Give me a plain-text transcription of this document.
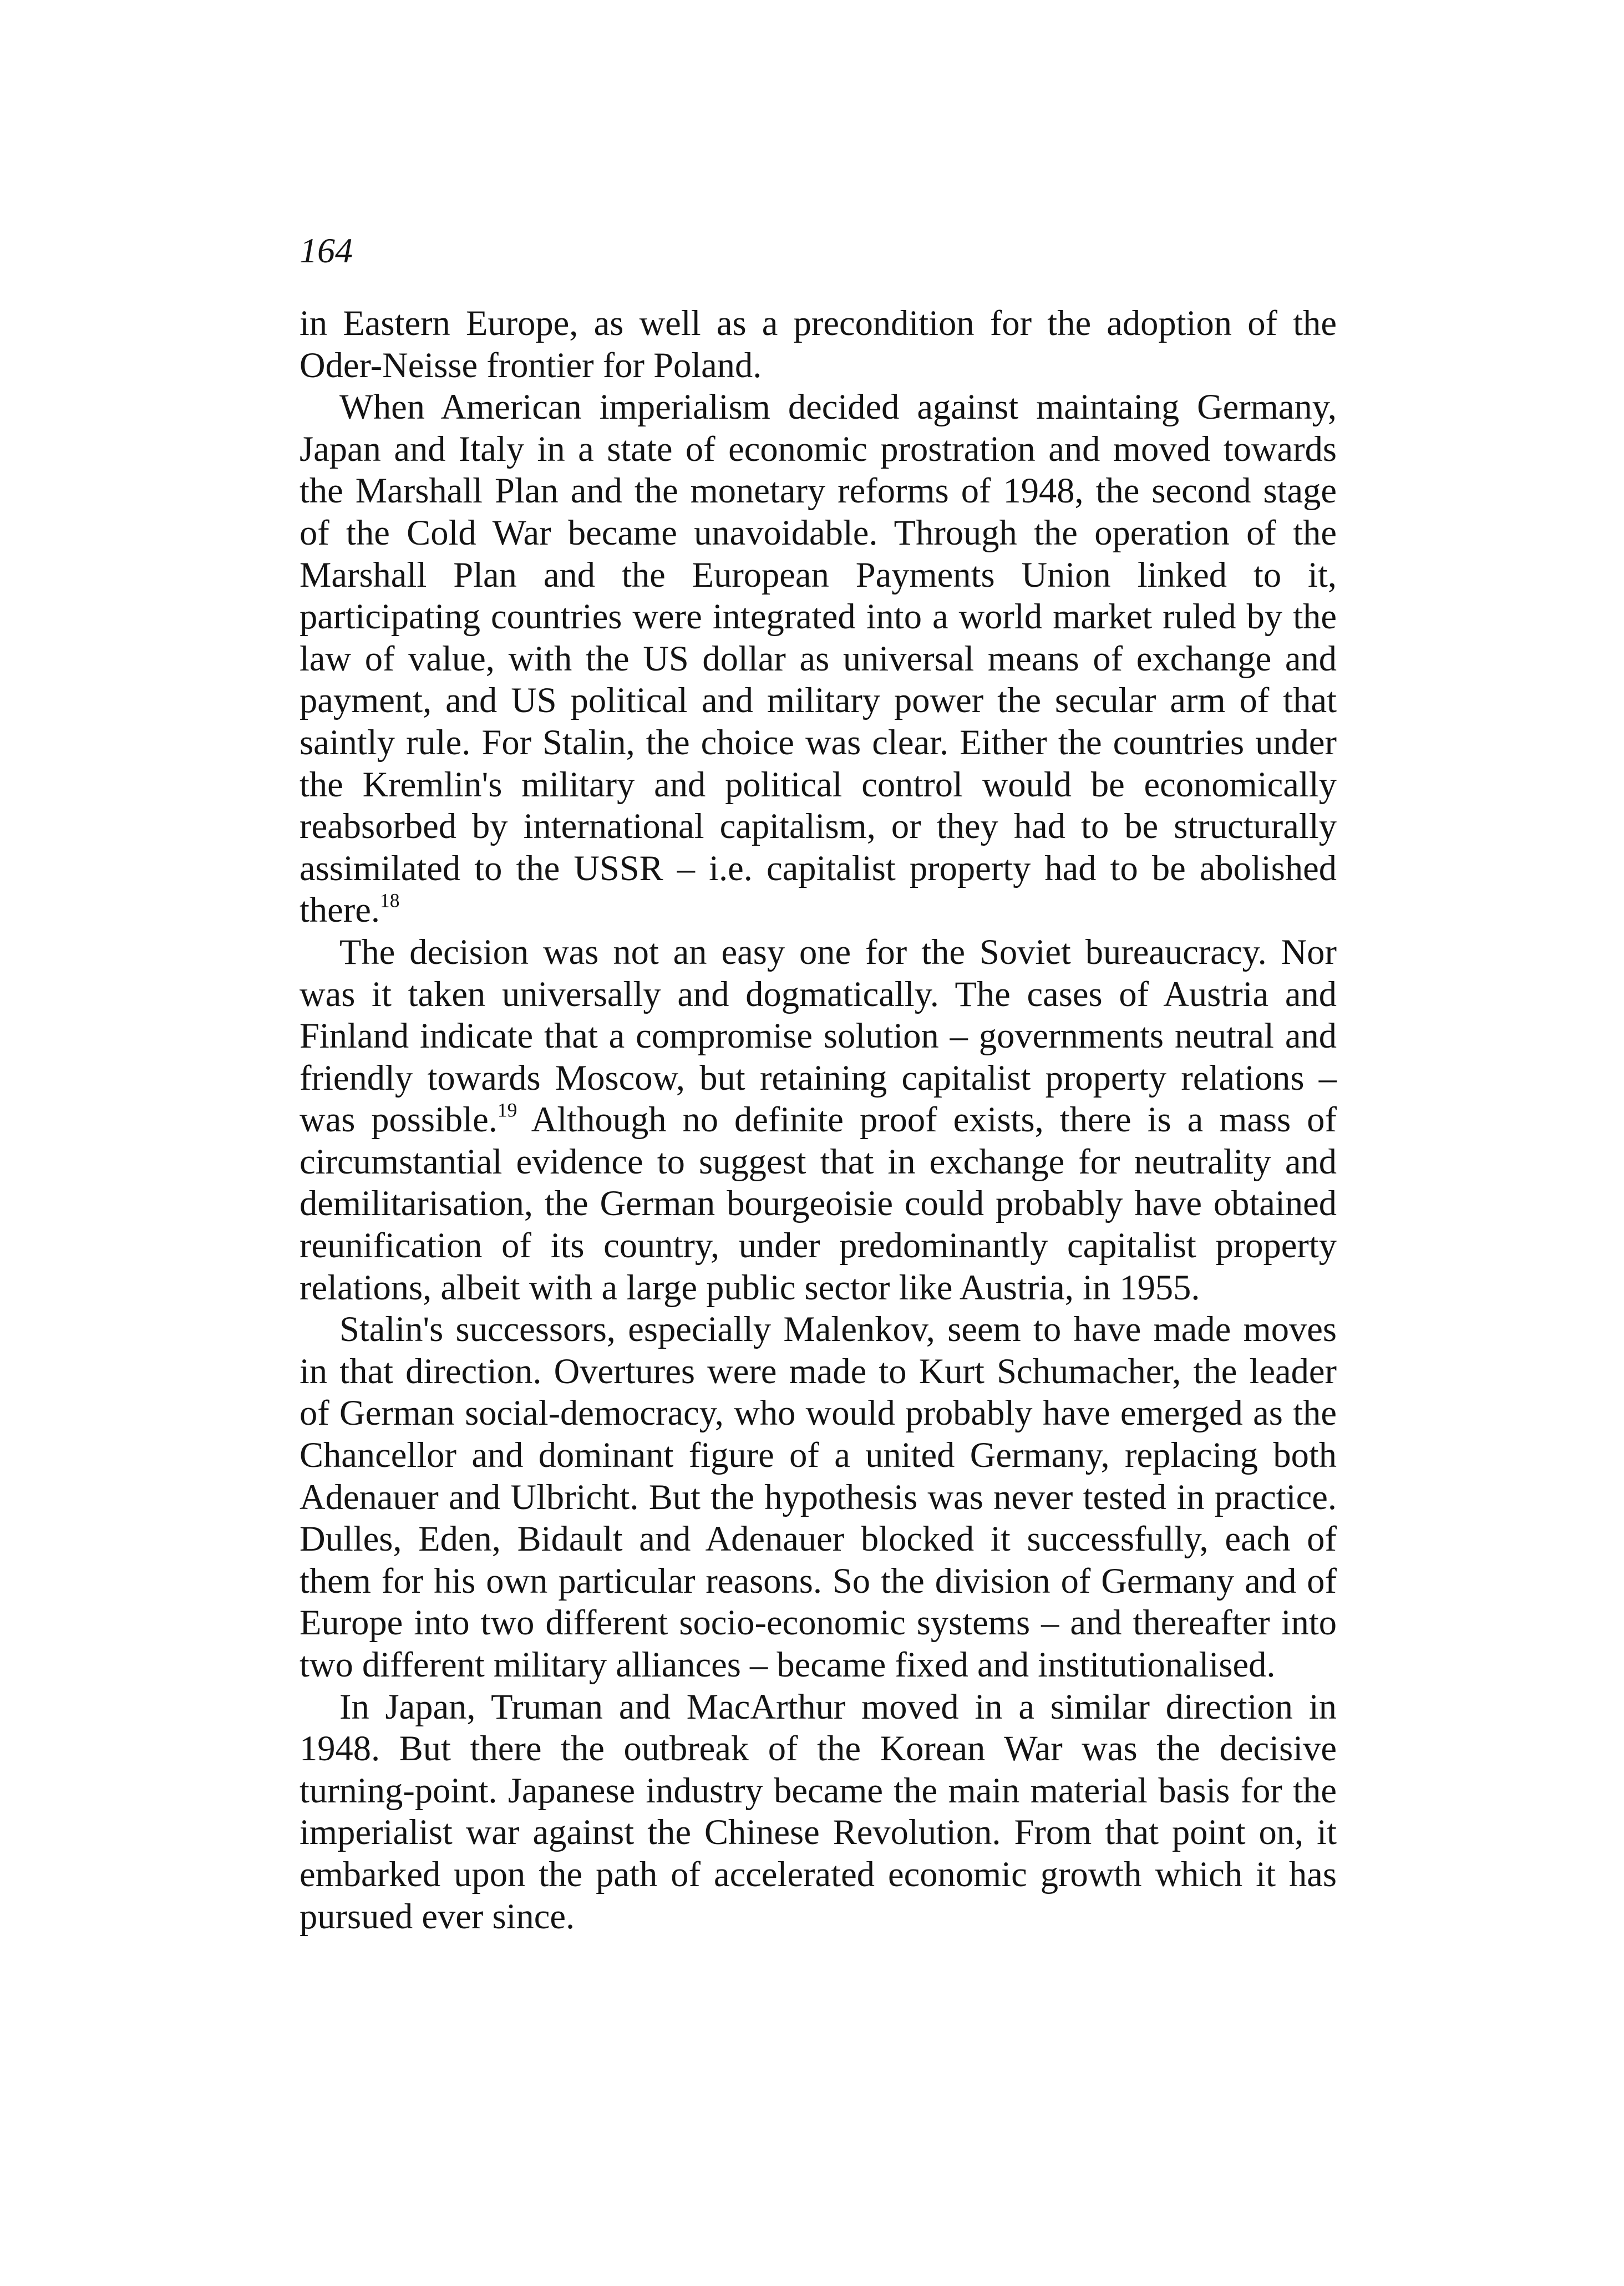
164

in Eastern Europe, as well as a precondition for the adoption of the Oder-Neisse frontier for Poland.

When American imperialism decided against maintaing Germany, Japan and Italy in a state of economic prostration and moved towards the Marshall Plan and the monetary reforms of 1948, the second stage of the Cold War became unavoidable. Through the operation of the Marshall Plan and the European Payments Union linked to it, participating countries were integrated into a world market ruled by the law of value, with the US dollar as universal means of exchange and payment, and US political and military power the secular arm of that saintly rule. For Stalin, the choice was clear. Either the countries under the Kremlin's military and political control would be economically reabsorbed by international capitalism, or they had to be structurally assimilated to the USSR – i.e. capitalist property had to be abolished there.$^{18}$

The decision was not an easy one for the Soviet bureaucracy. Nor was it taken universally and dogmatically. The cases of Austria and Finland indicate that a compromise solution – governments neutral and friendly towards Moscow, but retaining capitalist property relations – was possible.$^{19}$ Although no definite proof exists, there is a mass of circumstantial evidence to suggest that in exchange for neutrality and demilitarisation, the German bourgeoisie could probably have obtained reunification of its country, under predominantly capitalist property relations, albeit with a large public sector like Austria, in 1955.

Stalin's successors, especially Malenkov, seem to have made moves in that direction. Overtures were made to Kurt Schumacher, the leader of German social-democracy, who would probably have emerged as the Chancellor and dominant figure of a united Germany, replacing both Adenauer and Ulbricht. But the hypothesis was never tested in practice. Dulles, Eden, Bidault and Adenauer blocked it successfully, each of them for his own particular reasons. So the division of Germany and of Europe into two different socio-economic systems – and thereafter into two different military alliances – became fixed and institutionalised.

In Japan, Truman and MacArthur moved in a similar direction in 1948. But there the outbreak of the Korean War was the decisive turning-point. Japanese industry became the main material basis for the imperialist war against the Chinese Revolution. From that point on, it embarked upon the path of accelerated economic growth which it has pursued ever since.
